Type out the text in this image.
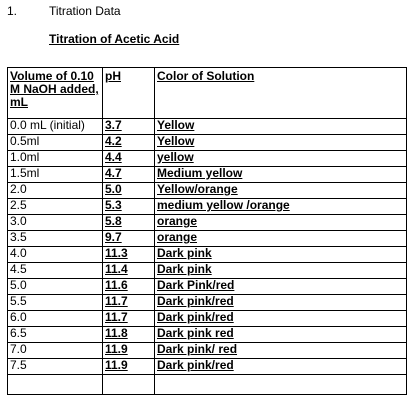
1.	Titration Data
Titration of Acetic Acid
Volume of 0.10 M NaOH added, mL	pH	Color of Solution
0.0 mL (initial)	3.7	Yellow
0.5ml	4.2	Yellow
1.0ml	4.4	yellow
1.5ml	4.7	Medium yellow
2.0	5.0	Yellow/orange
2.5	5.3	medium yellow /orange
3.0	5.8	orange
3.5	9.7	orange
4.0	11.3	Dark pink
4.5	11.4	Dark pink
5.0	11.6	Dark Pink/red
5.5	11.7	Dark pink/red
6.0	11.7	Dark pink/red
6.5	11.8	Dark pink red
7.0	11.9	Dark pink/ red
7.5	11.9	Dark pink/red
